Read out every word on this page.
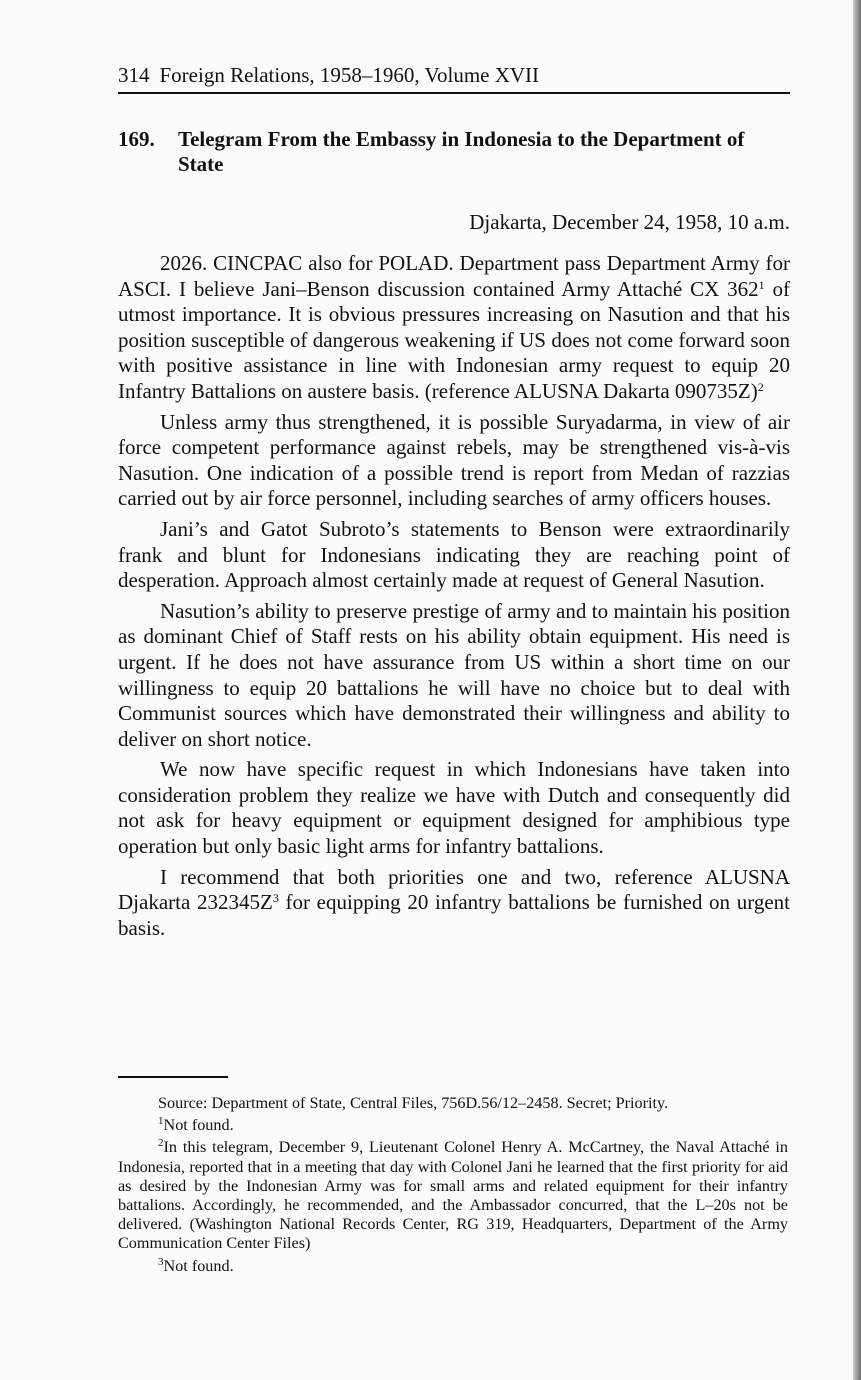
314 Foreign Relations, 1958–1960, Volume XVII
169. Telegram From the Embassy in Indonesia to the Department of State
Djakarta, December 24, 1958, 10 a.m.

2026. CINCPAC also for POLAD. Department pass Department Army for ASCI. I believe Jani–Benson discussion contained Army Attaché CX $362^1$ of utmost importance. It is obvious pressures increasing on Nasution and that his position susceptible of dangerous weakening if US does not come forward soon with positive assistance in line with Indonesian army request to equip 20 Infantry Battalions on austere basis. (reference ALUSNA Dakarta 090735Z)$^2$

Unless army thus strengthened, it is possible Suryadarma, in view of air force competent performance against rebels, may be strengthened vis-à-vis Nasution. One indication of a possible trend is report from Medan of razzias carried out by air force personnel, including searches of army officers houses.

Jani’s and Gatot Subroto’s statements to Benson were extraordinarily frank and blunt for Indonesians indicating they are reaching point of desperation. Approach almost certainly made at request of General Nasution.

Nasution’s ability to preserve prestige of army and to maintain his position as dominant Chief of Staff rests on his ability obtain equipment. His need is urgent. If he does not have assurance from US within a short time on our willingness to equip 20 battalions he will have no choice but to deal with Communist sources which have demonstrated their willingness and ability to deliver on short notice.

We now have specific request in which Indonesians have taken into consideration problem they realize we have with Dutch and consequently did not ask for heavy equipment or equipment designed for amphibious type operation but only basic light arms for infantry battalions.

I recommend that both priorities one and two, reference ALUSNA Djakarta $232345Z^3$ for equipping 20 infantry battalions be furnished on urgent basis.

Source: Department of State, Central Files, 756D.56/12–2458. Secret; Priority.

$^1$Not found.

$^2$In this telegram, December 9, Lieutenant Colonel Henry A. McCartney, the Naval Attaché in Indonesia, reported that in a meeting that day with Colonel Jani he learned that the first priority for aid as desired by the Indonesian Army was for small arms and related equipment for their infantry battalions. Accordingly, he recommended, and the Ambassador concurred, that the L–20s not be delivered. (Washington National Records Center, RG 319, Headquarters, Department of the Army Communication Center Files)

$^3$Not found.
